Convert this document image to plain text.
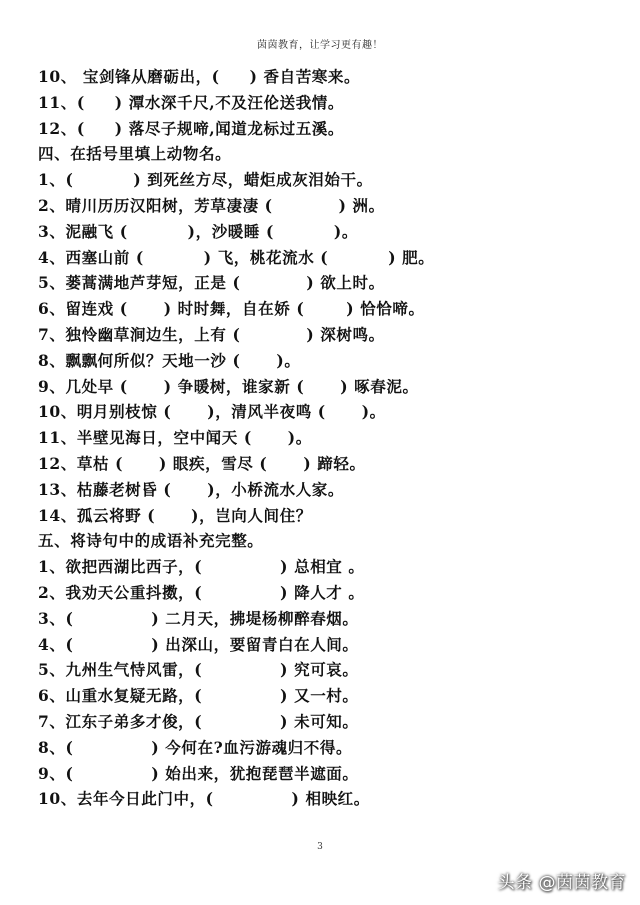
茵茵教育，让学习更有趣！
10、 宝剑锋从磨砺出，(     ) 香自苦寒来。
11、(     ) 潭水深千尺,不及汪伦送我情。
12、(     ) 落尽子规啼,闻道龙标过五溪。
四、在括号里填上动物名。
1、(          ) 到死丝方尽，蜡炬成灰泪始干。
2、晴川历历汉阳树，芳草凄凄 (           ) 洲。
3、泥融飞 (          )，沙暖睡 (          )。
4、西塞山前 (          ) 飞，桃花流水 (          ) 肥。
5、蒌蒿满地芦芽短，正是 (           ) 欲上时。
6、留连戏 (      ) 时时舞，自在娇 (       ) 恰恰啼。
7、独怜幽草涧边生，上有 (           ) 深树鸣。
8、飘飘何所似？天地一沙 (      )。
9、几处早 (      ) 争暖树，谁家新 (      ) 啄春泥。
10、明月别枝惊 (      )，清风半夜鸣 (      )。
11、半壁见海日，空中闻天 (      )。
12、草枯 (      ) 眼疾，雪尽 (      ) 蹄轻。
13、枯藤老树昏 (      )，小桥流水人家。
14、孤云将野 (      )，岂向人间住？
五、将诗句中的成语补充完整。
1、欲把西湖比西子，(             ) 总相宜 。
2、我劝天公重抖擞，(             ) 降人才 。
3、(             ) 二月天，拂堤杨柳醉春烟。
4、(             ) 出深山，要留青白在人间。
5、九州生气恃风雷，(             ) 究可哀。
6、山重水复疑无路，(             ) 又一村。
7、江东子弟多才俊，(             ) 未可知。
8、(             ) 今何在?血污游魂归不得。
9、(             ) 始出来，犹抱琵琶半遮面。
10、去年今日此门中，(             ) 相映红。
3
头条 @茵茵教育
